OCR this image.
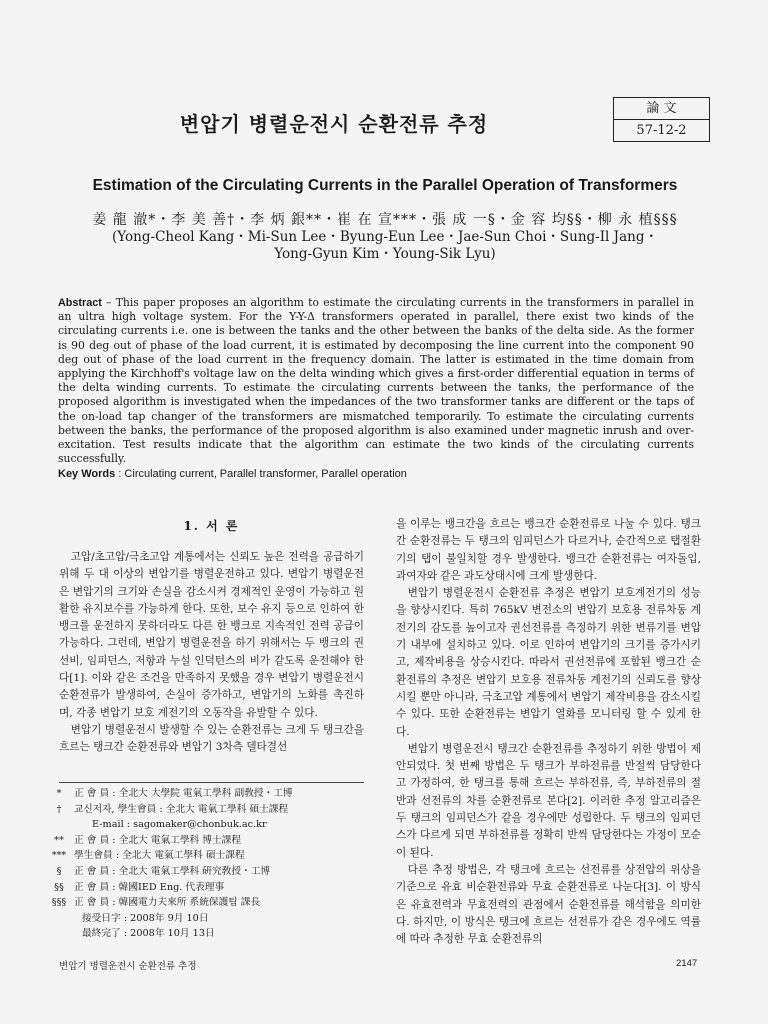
論 文
57-12-2
변압기 병렬운전시 순환전류 추정
Estimation of the Circulating Currents in the Parallel Operation of Transformers
姜 龍 澈*・李 美 善†・李 炳 銀**・崔 在 宣***・張 成 一§・金 容 均§§・柳 永 植§§§
(Yong-Cheol Kang・Mi-Sun Lee・Byung-Eun Lee・Jae-Sun Choi・Sung-Il Jang・
Yong-Gyun Kim・Young-Sik Lyu)
Abstract – This paper proposes an algorithm to estimate the circulating currents in the transformers in parallel in an ultra high voltage system. For the Y-Y-Δ transformers operated in parallel, there exist two kinds of the circulating currents i.e. one is between the tanks and the other between the banks of the delta side. As the former is 90 deg out of phase of the load current, it is estimated by decomposing the line current into the component 90 deg out of phase of the load current in the frequency domain. The latter is estimated in the time domain from applying the Kirchhoff's voltage law on the delta winding which gives a first-order differential equation in terms of the delta winding currents. To estimate the circulating currents between the tanks, the performance of the proposed algorithm is investigated when the impedances of the two transformer tanks are different or the taps of the on-load tap changer of the transformers are mismatched temporarily. To estimate the circulating currents between the banks, the performance of the proposed algorithm is also examined under magnetic inrush and over-excitation. Test results indicate that the algorithm can estimate the two kinds of the circulating currents successfully.
Key Words : Circulating current, Parallel transformer, Parallel operation
1. 서 론

고압/초고압/극초고압 계통에서는 신뢰도 높은 전력을 공급하기 위해 두 대 이상의 변압기를 병렬운전하고 있다. 변압기 병렬운전은 변압기의 크기와 손실을 감소시켜 경제적인 운영이 가능하고 원활한 유지보수를 가능하게 한다. 또한, 보수 유지 등으로 인하여 한 뱅크를 운전하지 못하더라도 다른 한 뱅크로 지속적인 전력 공급이 가능하다. 그런데, 변압기 병렬운전을 하기 위해서는 두 뱅크의 권선비, 임피던스, 저항과 누설 인덕턴스의 비가 같도록 운전해야 한다[1]. 이와 같은 조건을 만족하지 못했을 경우 변압기 병렬운전시 순환전류가 발생하여, 손실이 증가하고, 변압기의 노화를 촉진하며, 각종 변압기 보호 계전기의 오동작을 유발할 수 있다.

변압기 병렬운전시 발생할 수 있는 순환전류는 크게 두 탱크간을 흐르는 탱크간 순환전류와 변압기 3차측 델타결선

을 이루는 뱅크간을 흐르는 뱅크간 순환전류로 나눌 수 있다. 탱크간 순환전류는 두 탱크의 임피던스가 다르거나, 순간적으로 탭절환기의 탭이 불일치할 경우 발생한다. 뱅크간 순환전류는 여자돌입, 과여자와 같은 과도상태시에 크게 발생한다.

변압기 병렬운전시 순환전류 추정은 변압기 보호계전기의 성능을 향상시킨다. 특히 765kV 변전소의 변압기 보호용 전류차동 계전기의 감도를 높이고자 권선전류를 측정하기 위한 변류기를 변압기 내부에 설치하고 있다. 이로 인하여 변압기의 크기를 증가시키고, 제작비용을 상승시킨다. 따라서 권선전류에 포함된 뱅크간 순환전류의 추정은 변압기 보호용 전류차동 계전기의 신뢰도를 향상시킬 뿐만 아니라, 극초고압 계통에서 변압기 제작비용을 감소시킬 수 있다. 또한 순환전류는 변압기 열화를 모니터링 할 수 있게 한다.

변압기 병렬운전시 탱크간 순환전류를 추정하기 위한 방법이 제안되었다. 첫 번째 방법은 두 탱크가 부하전류를 반절씩 담당한다고 가정하여, 한 탱크를 통해 흐르는 부하전류, 즉, 부하전류의 절반과 선전류의 차를 순환전류로 본다[2]. 이러한 추정 알고리즘은 두 탱크의 임피던스가 같을 경우에만 성립한다. 두 탱크의 임피던스가 다르게 되면 부하전류를 정확히 반씩 담당한다는 가정이 모순이 된다.

다른 추정 방법은, 각 탱크에 흐르는 선전류를 상전압의 위상을 기준으로 유효 비순환전류와 무효 순환전류로 나눈다[3]. 이 방식은 유효전력과 무효전력의 관점에서 순환전류를 해석함을 의미한다. 하지만, 이 방식은 탱크에 흐르는 선전류가 같은 경우에도 역률에 따라 추정한 무효 순환전류의

*	正 會 員 : 全北大 大學院 電氣工學科 副敎授・工博
†	교신저자, 學生會員 : 全北大 電氣工學科 碩士課程
E-mail : sagomaker@chonbuk.ac.kr
**	正 會 員 : 全北大 電氣工學科 博士課程
*** 學生會員 : 全北大 電氣工學科 碩士課程
§	正 會 員 : 全北大 電氣工學科 硏究敎授・工博
§§	正 會 員 : 韓國IED Eng. 代表理事
§§§ 正 會 員 : 韓國電力夫來所 系統保護팀 課長
接受日字 : 2008年 9月 10日
最終完了 : 2008年 10月 13日
변압기 병렬운전시 순환전류 추정	2147
